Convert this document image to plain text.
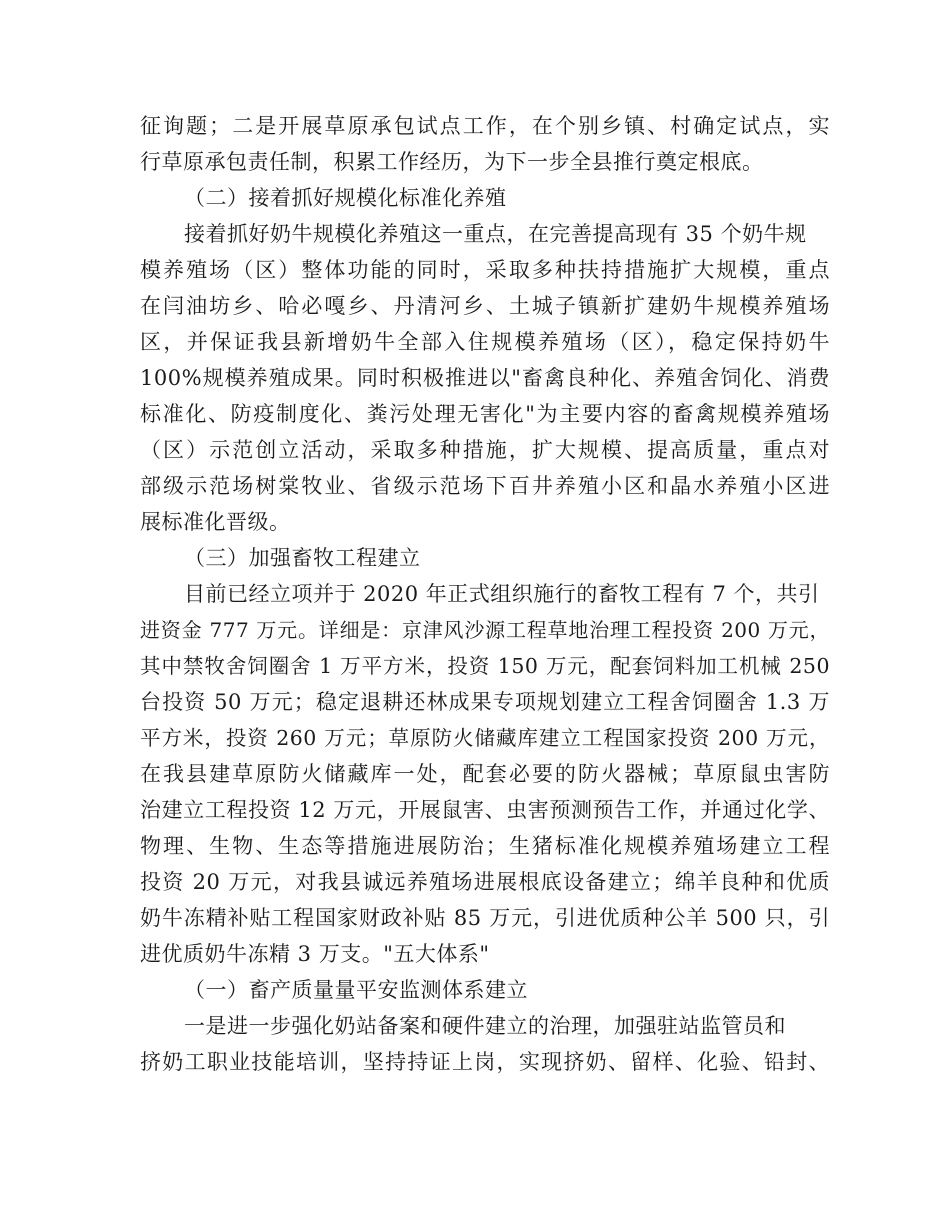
征询题；二是开展草原承包试点工作，在个别乡镇、村确定试点，实
行草原承包责任制，积累工作经历，为下一步全县推行奠定根底。
（二）接着抓好规模化标准化养殖
接着抓好奶牛规模化养殖这一重点，在完善提高现有 35 个奶牛规
模养殖场（区）整体功能的同时，采取多种扶持措施扩大规模，重点
在闫油坊乡、哈必嘎乡、丹清河乡、土城子镇新扩建奶牛规模养殖场
区，并保证我县新增奶牛全部入住规模养殖场（区），稳定保持奶牛
100%规模养殖成果。同时积极推进以"畜禽良种化、养殖舍饲化、消费
标准化、防疫制度化、粪污处理无害化"为主要内容的畜禽规模养殖场
（区）示范创立活动，采取多种措施，扩大规模、提高质量，重点对
部级示范场树棠牧业、省级示范场下百井养殖小区和晶水养殖小区进
展标准化晋级。
（三）加强畜牧工程建立
目前已经立项并于 2020 年正式组织施行的畜牧工程有 7 个，共引
进资金 777 万元。详细是：京津风沙源工程草地治理工程投资 200 万元，
其中禁牧舍饲圈舍 1 万平方米，投资 150 万元，配套饲料加工机械 250
台投资 50 万元；稳定退耕还林成果专项规划建立工程舍饲圈舍 1.3 万
平方米，投资 260 万元；草原防火储藏库建立工程国家投资 200 万元，
在我县建草原防火储藏库一处，配套必要的防火器械；草原鼠虫害防
治建立工程投资 12 万元，开展鼠害、虫害预测预告工作，并通过化学、
物理、生物、生态等措施进展防治；生猪标准化规模养殖场建立工程
投资 20 万元，对我县诚远养殖场进展根底设备建立；绵羊良种和优质
奶牛冻精补贴工程国家财政补贴 85 万元，引进优质种公羊 500 只，引
进优质奶牛冻精 3 万支。"五大体系"
（一）畜产质量量平安监测体系建立
一是进一步强化奶站备案和硬件建立的治理，加强驻站监管员和
挤奶工职业技能培训，坚持持证上岗，实现挤奶、留样、化验、铅封、
